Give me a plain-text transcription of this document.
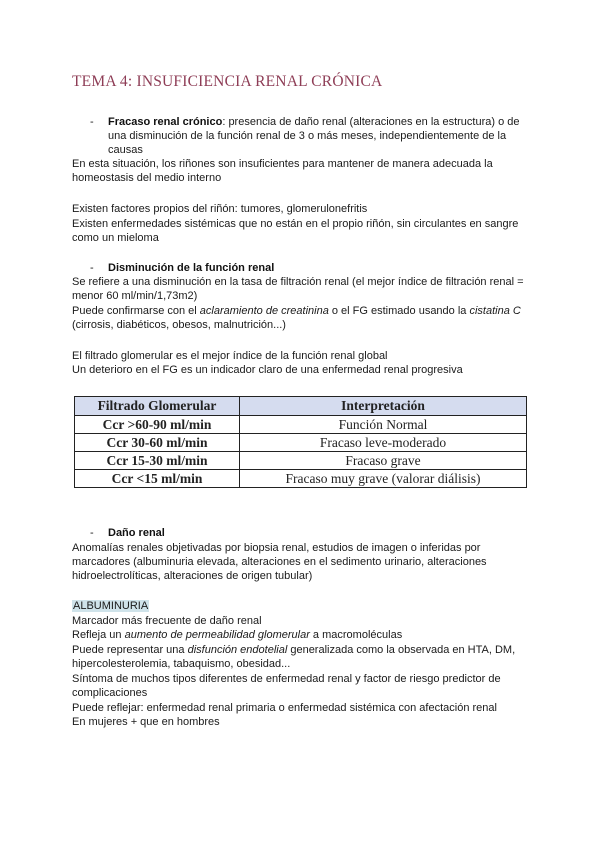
TEMA 4: INSUFICIENCIA RENAL CRÓNICA
- Fracaso renal crónico: presencia de daño renal (alteraciones en la estructura) o de
una disminución de la función renal de 3 o más meses, independientemente de la
causas
En esta situación, los riñones son insuficientes para mantener de manera adecuada la
homeostasis del medio interno
Existen factores propios del riñón: tumores, glomerulonefritis
Existen enfermedades sistémicas que no están en el propio riñón, sin circulantes en sangre
como un mieloma
- Disminución de la función renal
Se refiere a una disminución en la tasa de filtración renal (el mejor índice de filtración renal =
menor 60 ml/min/1,73m2)
Puede confirmarse con el aclaramiento de creatinina o el FG estimado usando la cistatina C
(cirrosis, diabéticos, obesos, malnutrición...)
El filtrado glomerular es el mejor índice de la función renal global
Un deterioro en el FG es un indicador claro de una enfermedad renal progresiva
Filtrado Glomerular	Interpretación
Ccr >60-90 ml/min	Función Normal
Ccr 30-60 ml/min	Fracaso leve-moderado
Ccr 15-30 ml/min	Fracaso grave
Ccr <15 ml/min	Fracaso muy grave (valorar diálisis)
- Daño renal
Anomalías renales objetivadas por biopsia renal, estudios de imagen o inferidas por
marcadores (albuminuria elevada, alteraciones en el sedimento urinario, alteraciones
hidroelectrolíticas, alteraciones de origen tubular)
ALBUMINURIA
Marcador más frecuente de daño renal
Refleja un aumento de permeabilidad glomerular a macromoléculas
Puede representar una disfunción endotelial generalizada como la observada en HTA, DM,
hipercolesterolemia, tabaquismo, obesidad...
Síntoma de muchos tipos diferentes de enfermedad renal y factor de riesgo predictor de
complicaciones
Puede reflejar: enfermedad renal primaria o enfermedad sistémica con afectación renal
En mujeres + que en hombres
